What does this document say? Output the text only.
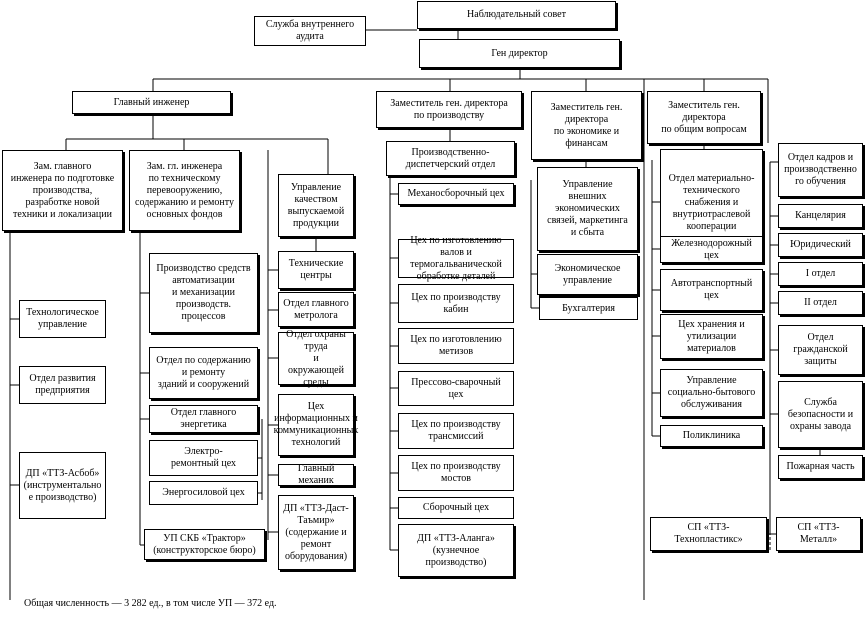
Общая численность — 3 282 ед., в том числе УП — 372 ед.
Наблюдательный совет
Служба внутреннего
аудита
Ген директор
Главный инженер	Заместитель ген. директора
по производству
Заместитель ген.
директора
по экономике и
финансам
Заместитель ген.
директора
по общим вопросам
Отдел кадров и
производственно
го обучения
Зам. главного
инженера по подготовке
производства,
разработке новой
техники и локализации
Зам. гл. инженера
по техническому
перевооружению,
содержанию и ремонту
основных фондов
Управление
качеством
выпускаемой
продукции
Производственно-
диспетчерский отдел
Механосборочный цех
Цех по изготовлению
валов и
термогальванической
обработке деталей
Цех по производству
кабин
Цех по изготовлению
метизов
Прессово-сварочный
цех
Цех по производству
трансмиссий
Цех по производству
мостов
Сборочный цех
ДП «ТТЗ-Аланга»
(кузнечное
производство)
Управление
внешних
экономических
связей, маркетинга
и сбыта
Экономическое
управление
Бухгалтерия
Отдел материально-
технического
снабжения и
внутриотраслевой
кооперации
Железнодорожный
цех
Автотранспортный
цех
Цех хранения и
утилизации
материалов
Управление
социально-бытового
обслуживания
Поликлиника
Канцелярия
Юридический
I отдел
II отдел
Отдел
гражданской
защиты
Служба
безопасности и
охраны завода
Пожарная часть
Технические
центры
Отдел главного
метролога
Отдел охраны труда
и
окружающей среды
Цех
информационных и
коммуникационных
технологий
Главный механик
ДП «ТТЗ-Даст-
Таъмир»
(содержание и
ремонт
оборудования)
Технологическое
управление
Отдел развития
предприятия
ДП «ТТЗ-Асбоб»
(инструментально
е производство)
Производство средств
автоматизации
и механизации
производств.
процессов
Отдел по содержанию
и ремонту
зданий и сооружений
Отдел главного
энергетика
Электро-
ремонтный цех
Энергосиловой цех
УП СКБ «Трактор»
(конструкторское бюро)
СП «ТТЗ-
Технопластикс»
СП «ТТЗ-
Металл»
